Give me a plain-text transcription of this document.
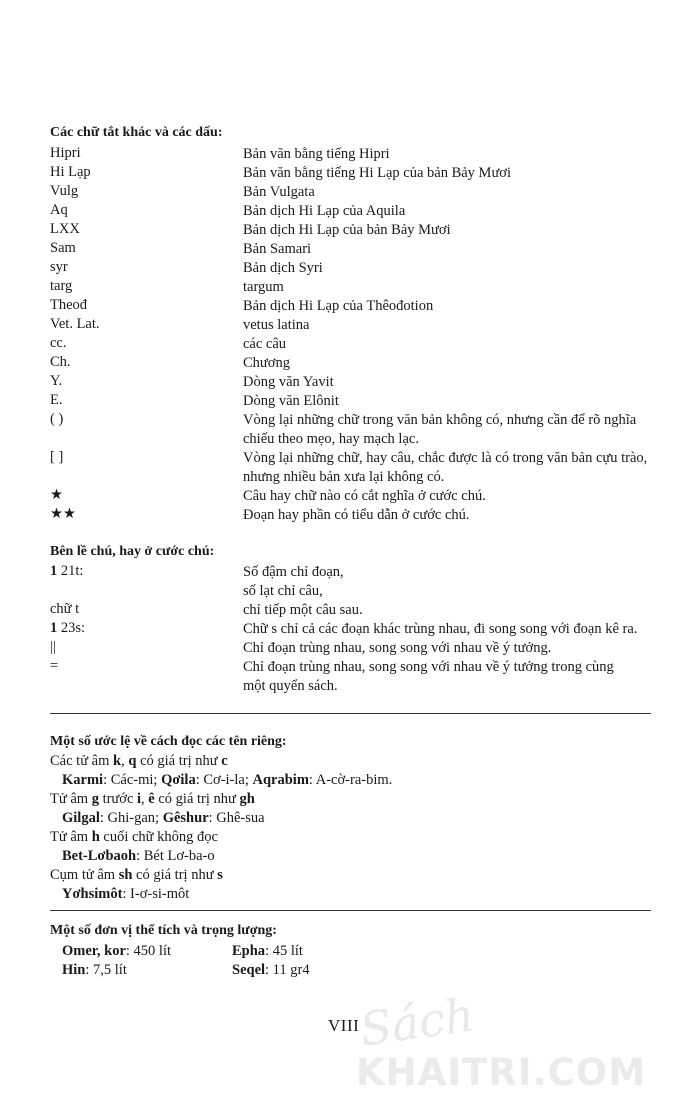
Các chữ tắt khác và các dấu:
Hipri	Bản văn bằng tiếng Hipri
Hi Lạp	Bản văn bằng tiếng Hi Lạp của bản Bảy Mươi
Vulg	Bản Vulgata
Aq	Bản dịch Hi Lạp của Aquila
LXX	Bản dịch Hi Lạp của bản Bảy Mươi
Sam	Bản Samari
syr	Bản dịch Syri
targ	targum
Theođ	Bản dịch Hi Lạp của Thêođotion
Vet. Lat.	vetus latina
cc.	các câu
Ch.	Chương
Y.	Dòng văn Yavit
E.	Dòng văn Elônit
( )	Vòng lại những chữ trong văn bản không có, nhưng cần để rõ nghĩa
chiếu theo mẹo, hay mạch lạc.
[ ]	Vòng lại những chữ, hay câu, chắc được là có trong văn bản cựu trào,
nhưng nhiều bản xưa lại không có.
★	Câu hay chữ nào có cắt nghĩa ở cước chú.
★★	Đoạn hay phần có tiểu dẫn ở cước chú.
Bên lề chú, hay ở cước chú:
1 21t:	Số đậm chỉ đoạn,
số lạt chỉ câu,
chữ t	chỉ tiếp một câu sau.
1 23s:	Chữ s chỉ cả các đoạn khác trùng nhau, đi song song với đoạn kê ra.
||	Chỉ đoạn trùng nhau, song song với nhau về ý tưởng.
=	Chỉ đoạn trùng nhau, song song với nhau về ý tưởng trong cùng
một quyển sách.
Một số ước lệ về cách đọc các tên riêng:
Các tử âm k, q có giá trị như c
Karmi: Các-mi; Qơila: Cơ-i-la; Aqrabim: A-cờ-ra-bim.
Tử âm g trước i, ê có giá trị như gh
Gilgal: Ghi-gan; Gêshur: Ghê-sua
Tử âm h cuối chữ không đọc
Bet-Lơbaoh: Bét Lơ-ba-o
Cụm tử âm sh có giá trị như s
Yơhsimôt: I-ơ-si-môt
Một số đơn vị thể tích và trọng lượng:
Omer, kor: 450 lít	Epha: 45 lít
Hin: 7,5 lít	Seqel: 11 gr4
Sách
VIII
KHAITRI.COM
